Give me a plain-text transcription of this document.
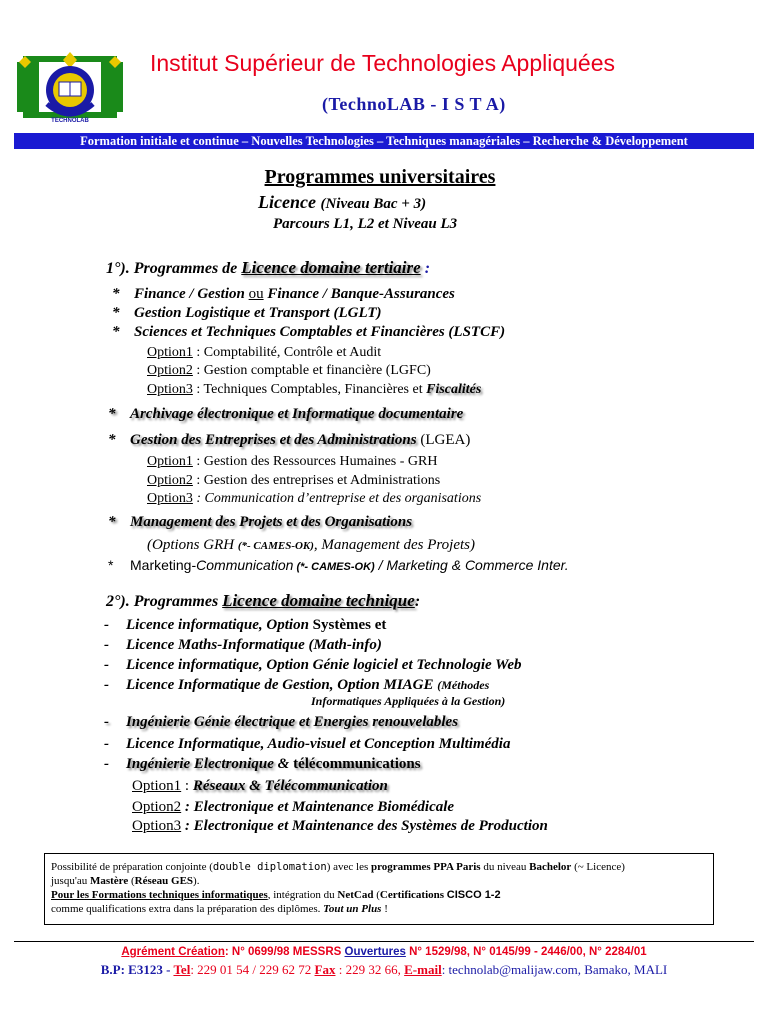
TECHNOLAB
Institut Supérieur de Technologies Appliquées
(TechnoLAB - I S T A)
Formation initiale et continue – Nouvelles Technologies – Techniques managériales – Recherche & Développement
Programmes universitaires
Licence (Niveau Bac + 3)
Parcours L1, L2 et Niveau L3
1°). Programmes de Licence domaine tertiaire :
* Finance / Gestion ou Finance / Banque-Assurances
* Gestion Logistique et Transport (LGLT)
* Sciences et Techniques Comptables et Financières (LSTCF)
Option1 : Comptabilité, Contrôle et Audit
Option2 : Gestion comptable et financière (LGFC)
Option3 : Techniques Comptables, Financières et Fiscalités
* Archivage électronique et Informatique documentaire
* Gestion des Entreprises et des Administrations (LGEA)
Option1 : Gestion des Ressources Humaines - GRH
Option2 : Gestion des entreprises et Administrations
Option3 : Communication d’entreprise et des organisations
* Management des Projets et des Organisations
(Options GRH (*- CAMES-OK), Management des Projets)
* Marketing-Communication (*- CAMES-OK) / Marketing & Commerce Inter.
2°). Programmes Licence domaine technique:
- Licence informatique, Option Systèmes et
- Licence Maths-Informatique (Math-info)
- Licence informatique, Option Génie logiciel et Technologie Web
- Licence Informatique de Gestion, Option MIAGE (Méthodes
Informatiques Appliquées à la Gestion)
- Ingénierie Génie électrique et Energies renouvelables
- Licence Informatique, Audio-visuel et Conception Multimédia
- Ingénierie Electronique & télécommunications
Option1 : Réseaux & Télécommunication
Option2 : Electronique et Maintenance Biomédicale
Option3 : Electronique et Maintenance des Systèmes de Production
Possibilité de préparation conjointe (double diplomation) avec les programmes PPA Paris du niveau Bachelor (~ Licence)
jusqu'au Mastère (Réseau GES).
Pour les Formations techniques informatiques, intégration du NetCad (Certifications CISCO 1-2
comme qualifications extra dans la préparation des diplômes. Tout un Plus !
Agrément Création: N° 0699/98 MESSRS Ouvertures N° 1529/98, N° 0145/99 - 2446/00, N° 2284/01
B.P: E3123 - Tel: 229 01 54 / 229 62 72 Fax : 229 32 66, E-mail: technolab@malijaw.com, Bamako, MALI
